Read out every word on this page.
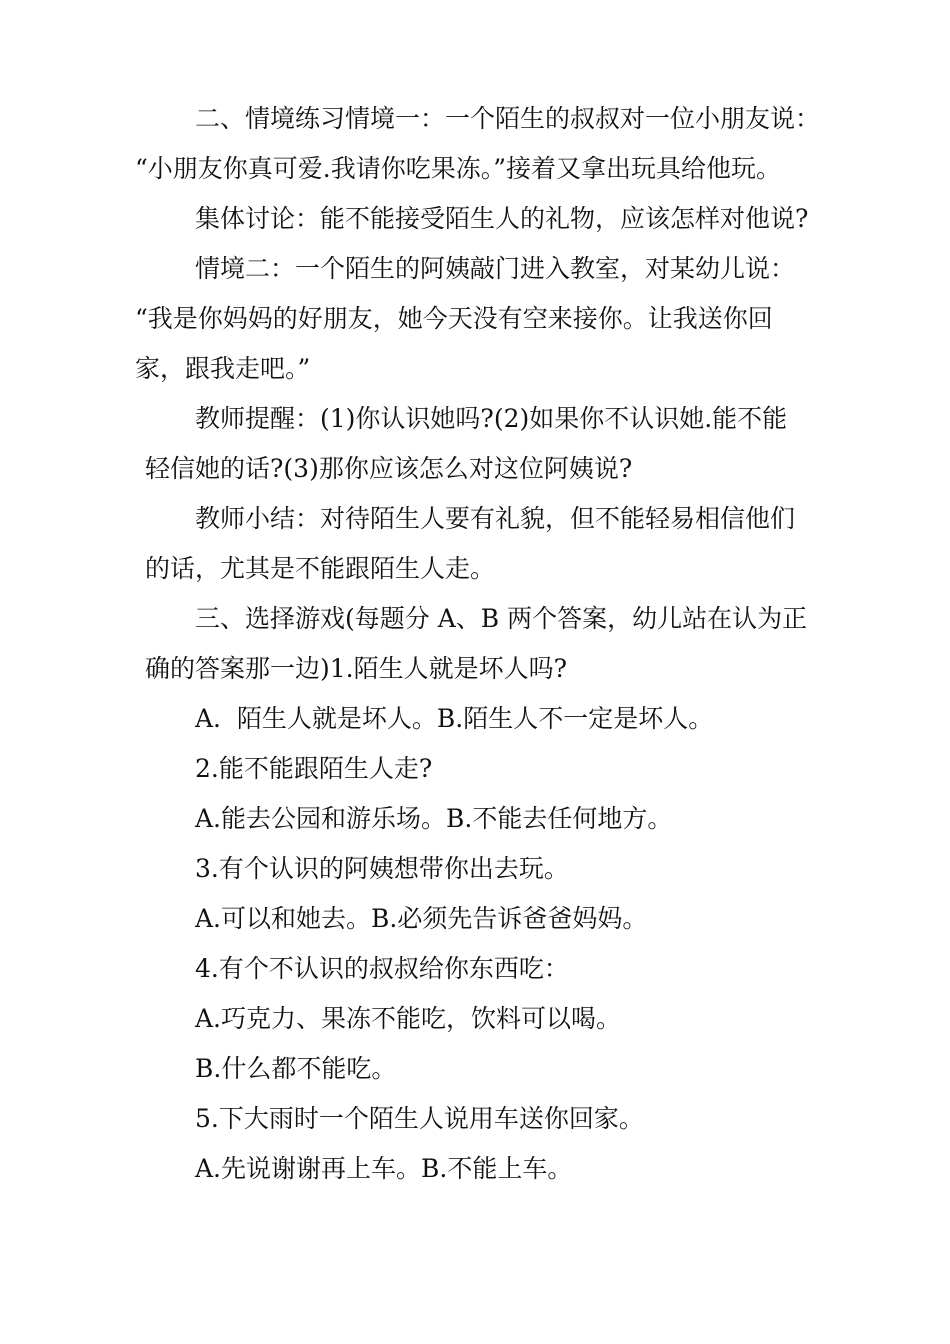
二、情境练习情境一：一个陌生的叔叔对一位小朋友说：

“小朋友你真可爱.我请你吃果冻。”接着又拿出玩具给他玩。

集体讨论：能不能接受陌生人的礼物，应该怎样对他说?

情境二：一个陌生的阿姨敲门进入教室，对某幼儿说：

“我是你妈妈的好朋友，她今天没有空来接你。让我送你回
家，跟我走吧。”

教师提醒：(1)你认识她吗?(2)如果你不认识她.能不能
轻信她的话?(3)那你应该怎么对这位阿姨说?

教师小结：对待陌生人要有礼貌，但不能轻易相信他们
的话，尤其是不能跟陌生人走。

三、选择游戏(每题分 A、B 两个答案，幼儿站在认为正
确的答案那一边)1.陌生人就是坏人吗?

A.  陌生人就是坏人。B.陌生人不一定是坏人。

2.能不能跟陌生人走?

A.能去公园和游乐场。B.不能去任何地方。

3.有个认识的阿姨想带你出去玩。

A.可以和她去。B.必须先告诉爸爸妈妈。

4.有个不认识的叔叔给你东西吃：

A.巧克力、果冻不能吃，饮料可以喝。

B.什么都不能吃。

5.下大雨时一个陌生人说用车送你回家。

A.先说谢谢再上车。B.不能上车。
